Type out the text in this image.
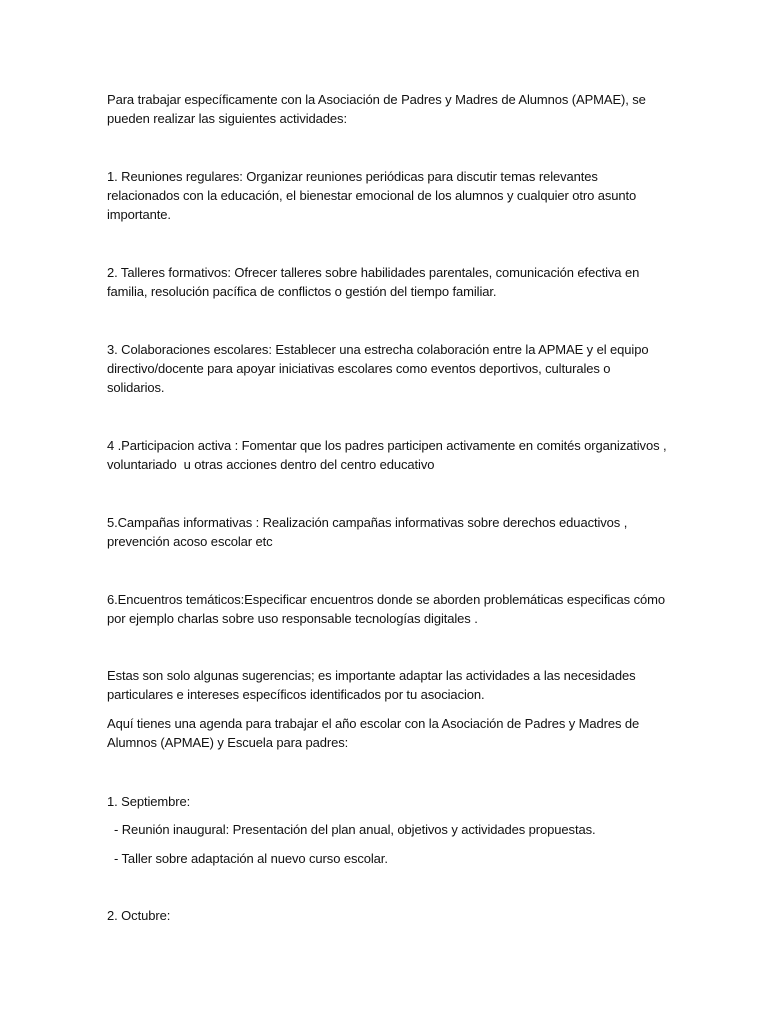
Para trabajar específicamente con la Asociación de Padres y Madres de Alumnos (APMAE), se pueden realizar las siguientes actividades:

1. Reuniones regulares: Organizar reuniones periódicas para discutir temas relevantes relacionados con la educación, el bienestar emocional de los alumnos y cualquier otro asunto importante.

2. Talleres formativos: Ofrecer talleres sobre habilidades parentales, comunicación efectiva en familia, resolución pacífica de conflictos o gestión del tiempo familiar.

3. Colaboraciones escolares: Establecer una estrecha colaboración entre la APMAE y el equipo directivo/docente para apoyar iniciativas escolares como eventos deportivos, culturales o solidarios.

4 .Participacion activa : Fomentar que los padres participen activamente en comités organizativos , voluntariado  u otras acciones dentro del centro educativo

5.Campañas informativas : Realización campañas informativas sobre derechos eduactivos , prevención acoso escolar etc

6.Encuentros temáticos:Especificar encuentros donde se aborden problemáticas especificas cómo por ejemplo charlas sobre uso responsable tecnologías digitales .

Estas son solo algunas sugerencias; es importante adaptar las actividades a las necesidades particulares e intereses específicos identificados por tu asociacion.

Aquí tienes una agenda para trabajar el año escolar con la Asociación de Padres y Madres de Alumnos (APMAE) y Escuela para padres:

1. Septiembre:

- Reunión inaugural: Presentación del plan anual, objetivos y actividades propuestas.

- Taller sobre adaptación al nuevo curso escolar.

2. Octubre:
